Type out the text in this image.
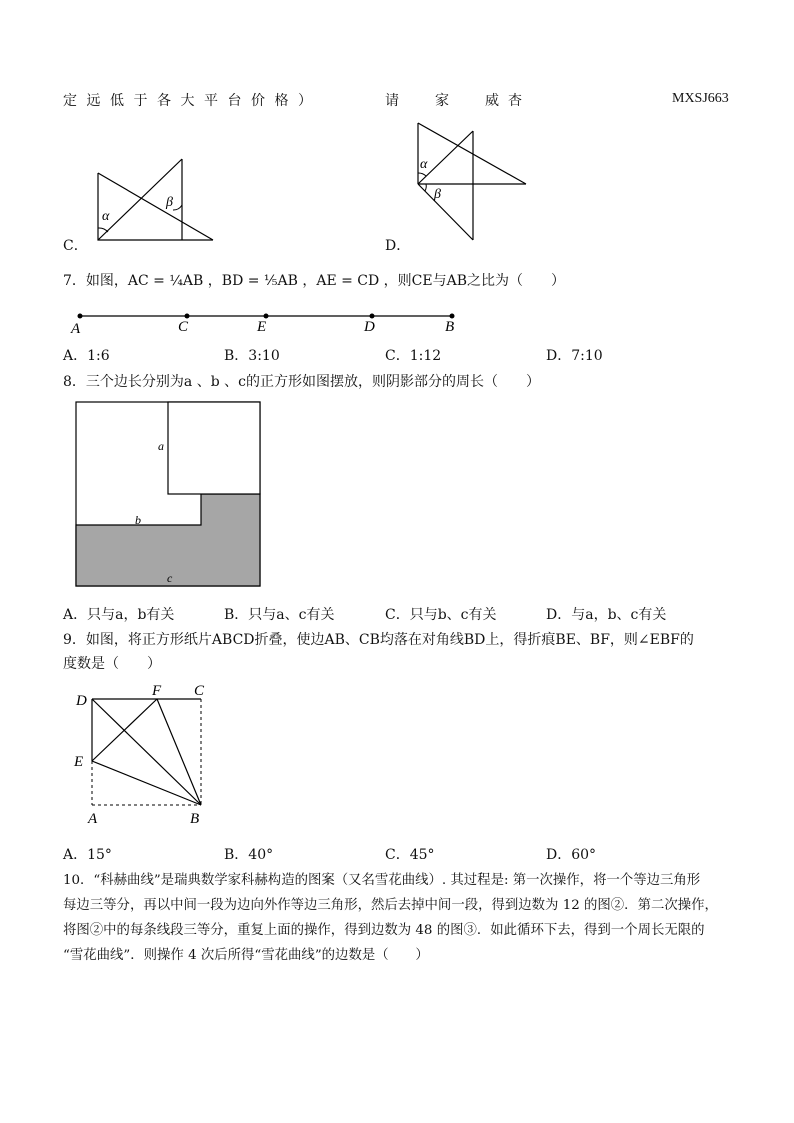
定远低于各大平台价格）	请	家	威杏	MXSJ663
α
β
C．
α
β
D．
7．如图，AC = ¼AB ，BD = ⅕AB ，AE = CD ，则CE与AB之比为（　　）
A	C	E	D	B
A．1:6	B．3:10	C．1:12	D．7:10
8．三个边长分别为a 、b 、c的正方形如图摆放，则阴影部分的周长（　　）
a
b
c
A．只与a，b有关	B．只与a、c有关	C．只与b、c有关	D．与a，b、c有关
9．如图，将正方形纸片ABCD折叠，使边AB、CB均落在对角线BD上，得折痕BE、BF，则∠EBF的
度数是（　　）
D
F C
E
A	B
A．15°	B．40°	C．45°	D．60°
10．“科赫曲线”是瑞典数学家科赫构造的图案（又名雪花曲线）. 其过程是: 第一次操作，将一个等边三角形
每边三等分，再以中间一段为边向外作等边三角形，然后去掉中间一段，得到边数为 12 的图②．第二次操作，
将图②中的每条线段三等分，重复上面的操作，得到边数为 48 的图③．如此循环下去，得到一个周长无限的
“雪花曲线”．则操作 4 次后所得“雪花曲线”的边数是（　　）
